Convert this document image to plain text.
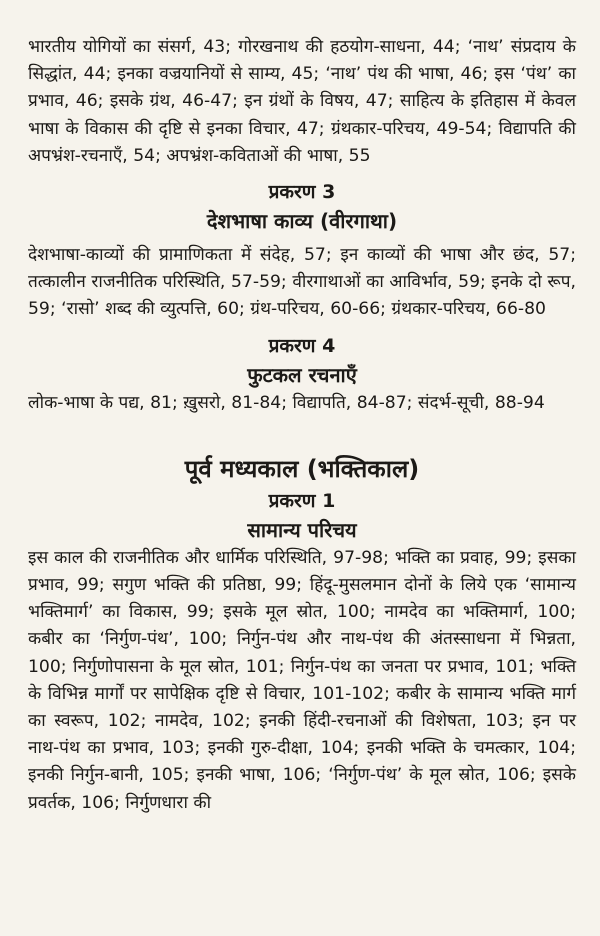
भारतीय योगियों का संसर्ग, 43; गोरखनाथ की हठयोग-साधना, 44; ‘नाथ’ संप्रदाय के सिद्धांत, 44; इनका वज्रयानियों से साम्य, 45; ‘नाथ’ पंथ की भाषा, 46; इस ‘पंथ’ का प्रभाव, 46; इसके ग्रंथ, 46-47; इन ग्रंथों के विषय, 47; साहित्य के इतिहास में केवल भाषा के विकास की दृष्टि से इनका विचार, 47; ग्रंथकार-परिचय, 49-54; विद्यापति की अपभ्रंश-रचनाएँ, 54; अपभ्रंश-कविताओं की भाषा, 55

प्रकरण 3
देशभाषा काव्य (वीरगाथा)

देशभाषा-काव्यों की प्रामाणिकता में संदेह, 57; इन काव्यों की भाषा और छंद, 57; तत्कालीन राजनीतिक परिस्थिति, 57-59; वीरगाथाओं का आविर्भाव, 59; इनके दो रूप, 59; ‘रासो’ शब्द की व्युत्पत्ति, 60; ग्रंथ-परिचय, 60-66; ग्रंथकार-परिचय, 66-80

प्रकरण 4
फुटकल रचनाएँ

लोक-भाषा के पद्य, 81; ख़ुसरो, 81-84; विद्यापति, 84-87; संदर्भ-सूची, 88-94

पूर्व मध्यकाल (भक्तिकाल)
प्रकरण 1
सामान्य परिचय

इस काल की राजनीतिक और धार्मिक परिस्थिति, 97-98; भक्ति का प्रवाह, 99; इसका प्रभाव, 99; सगुण भक्ति की प्रतिष्ठा, 99; हिंदू-मुसलमान दोनों के लिये एक ‘सामान्य भक्तिमार्ग’ का विकास, 99; इसके मूल स्रोत, 100; नामदेव का भक्तिमार्ग, 100; कबीर का ‘निर्गुण-पंथ’, 100; निर्गुन-पंथ और नाथ-पंथ की अंतस्साधना में भिन्नता, 100; निर्गुणोपासना के मूल स्रोत, 101; निर्गुन-पंथ का जनता पर प्रभाव, 101; भक्ति के विभिन्न मार्गों पर सापेक्षिक दृष्टि से विचार, 101-102; कबीर के सामान्य भक्ति मार्ग का स्वरूप, 102; नामदेव, 102; इनकी हिंदी-रचनाओं की विशेषता, 103; इन पर नाथ-पंथ का प्रभाव, 103; इनकी गुरु-दीक्षा, 104; इनकी भक्ति के चमत्कार, 104; इनकी निर्गुन-बानी, 105; इनकी भाषा, 106; ‘निर्गुण-पंथ’ के मूल स्रोत, 106; इसके प्रवर्तक, 106; निर्गुणधारा की
